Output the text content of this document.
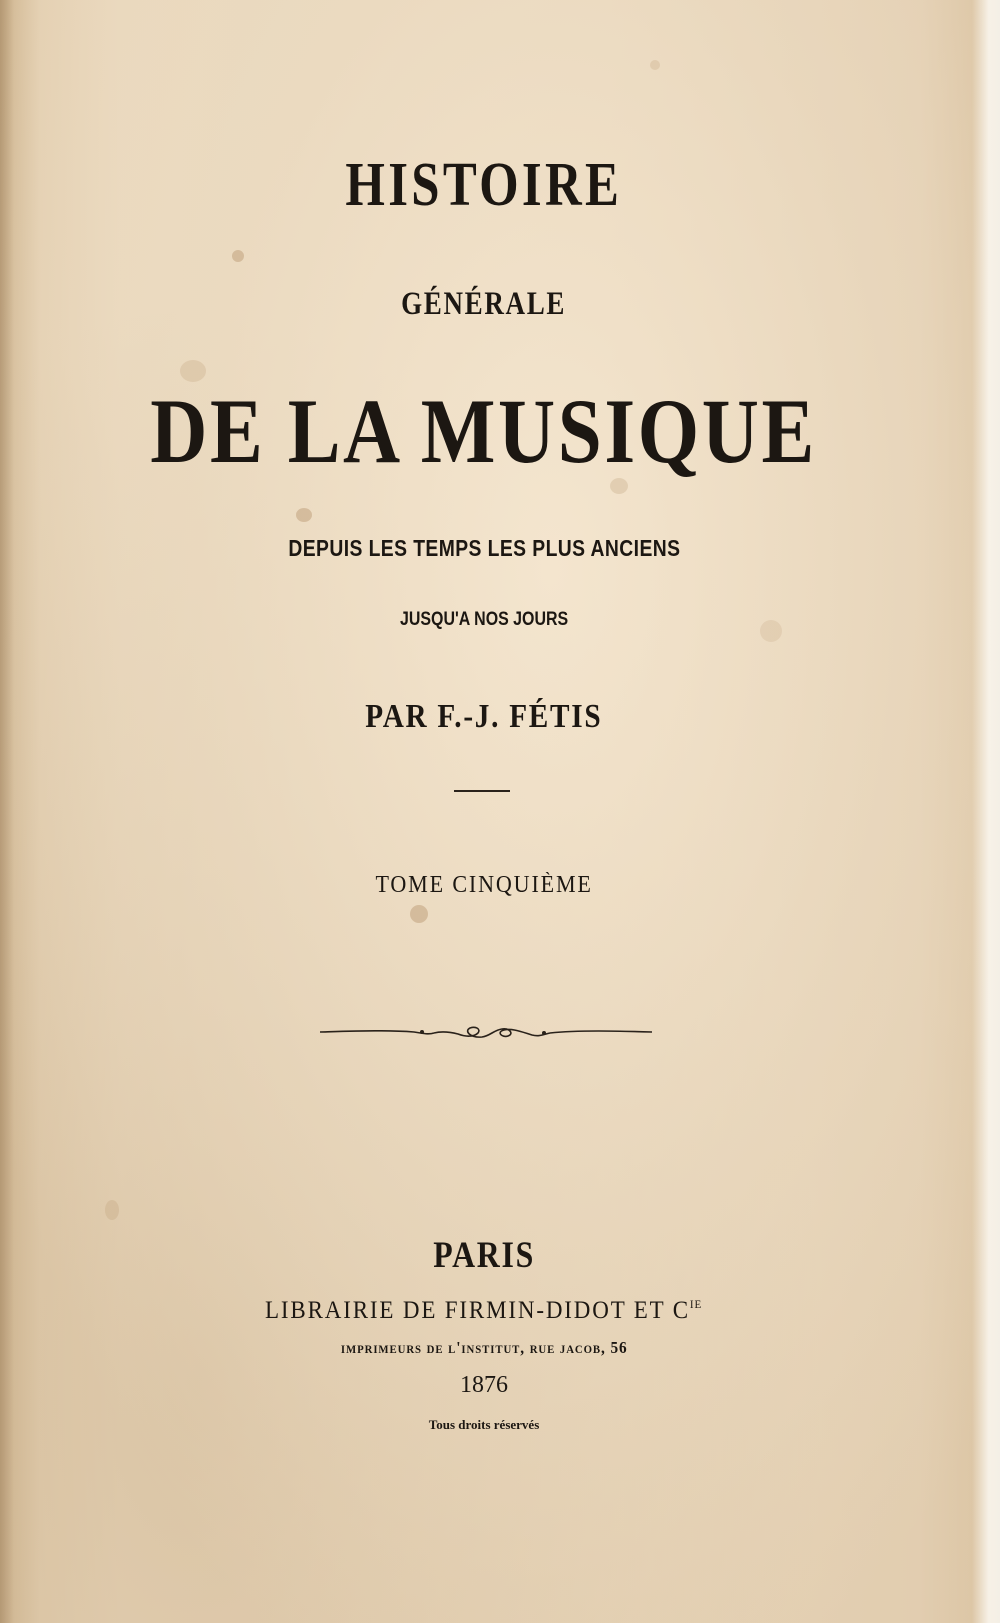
HISTOIRE
GÉNÉRALE
DE LA MUSIQUE
DEPUIS LES TEMPS LES PLUS ANCIENS
JUSQU'A NOS JOURS
PAR F.-J. FÉTIS
TOME CINQUIÈME
PARIS
LIBRAIRIE DE FIRMIN-DIDOT ET $C^{IE}$
imprimeurs de l'institut, rue jacob, 56
1876
Tous droits réservés
